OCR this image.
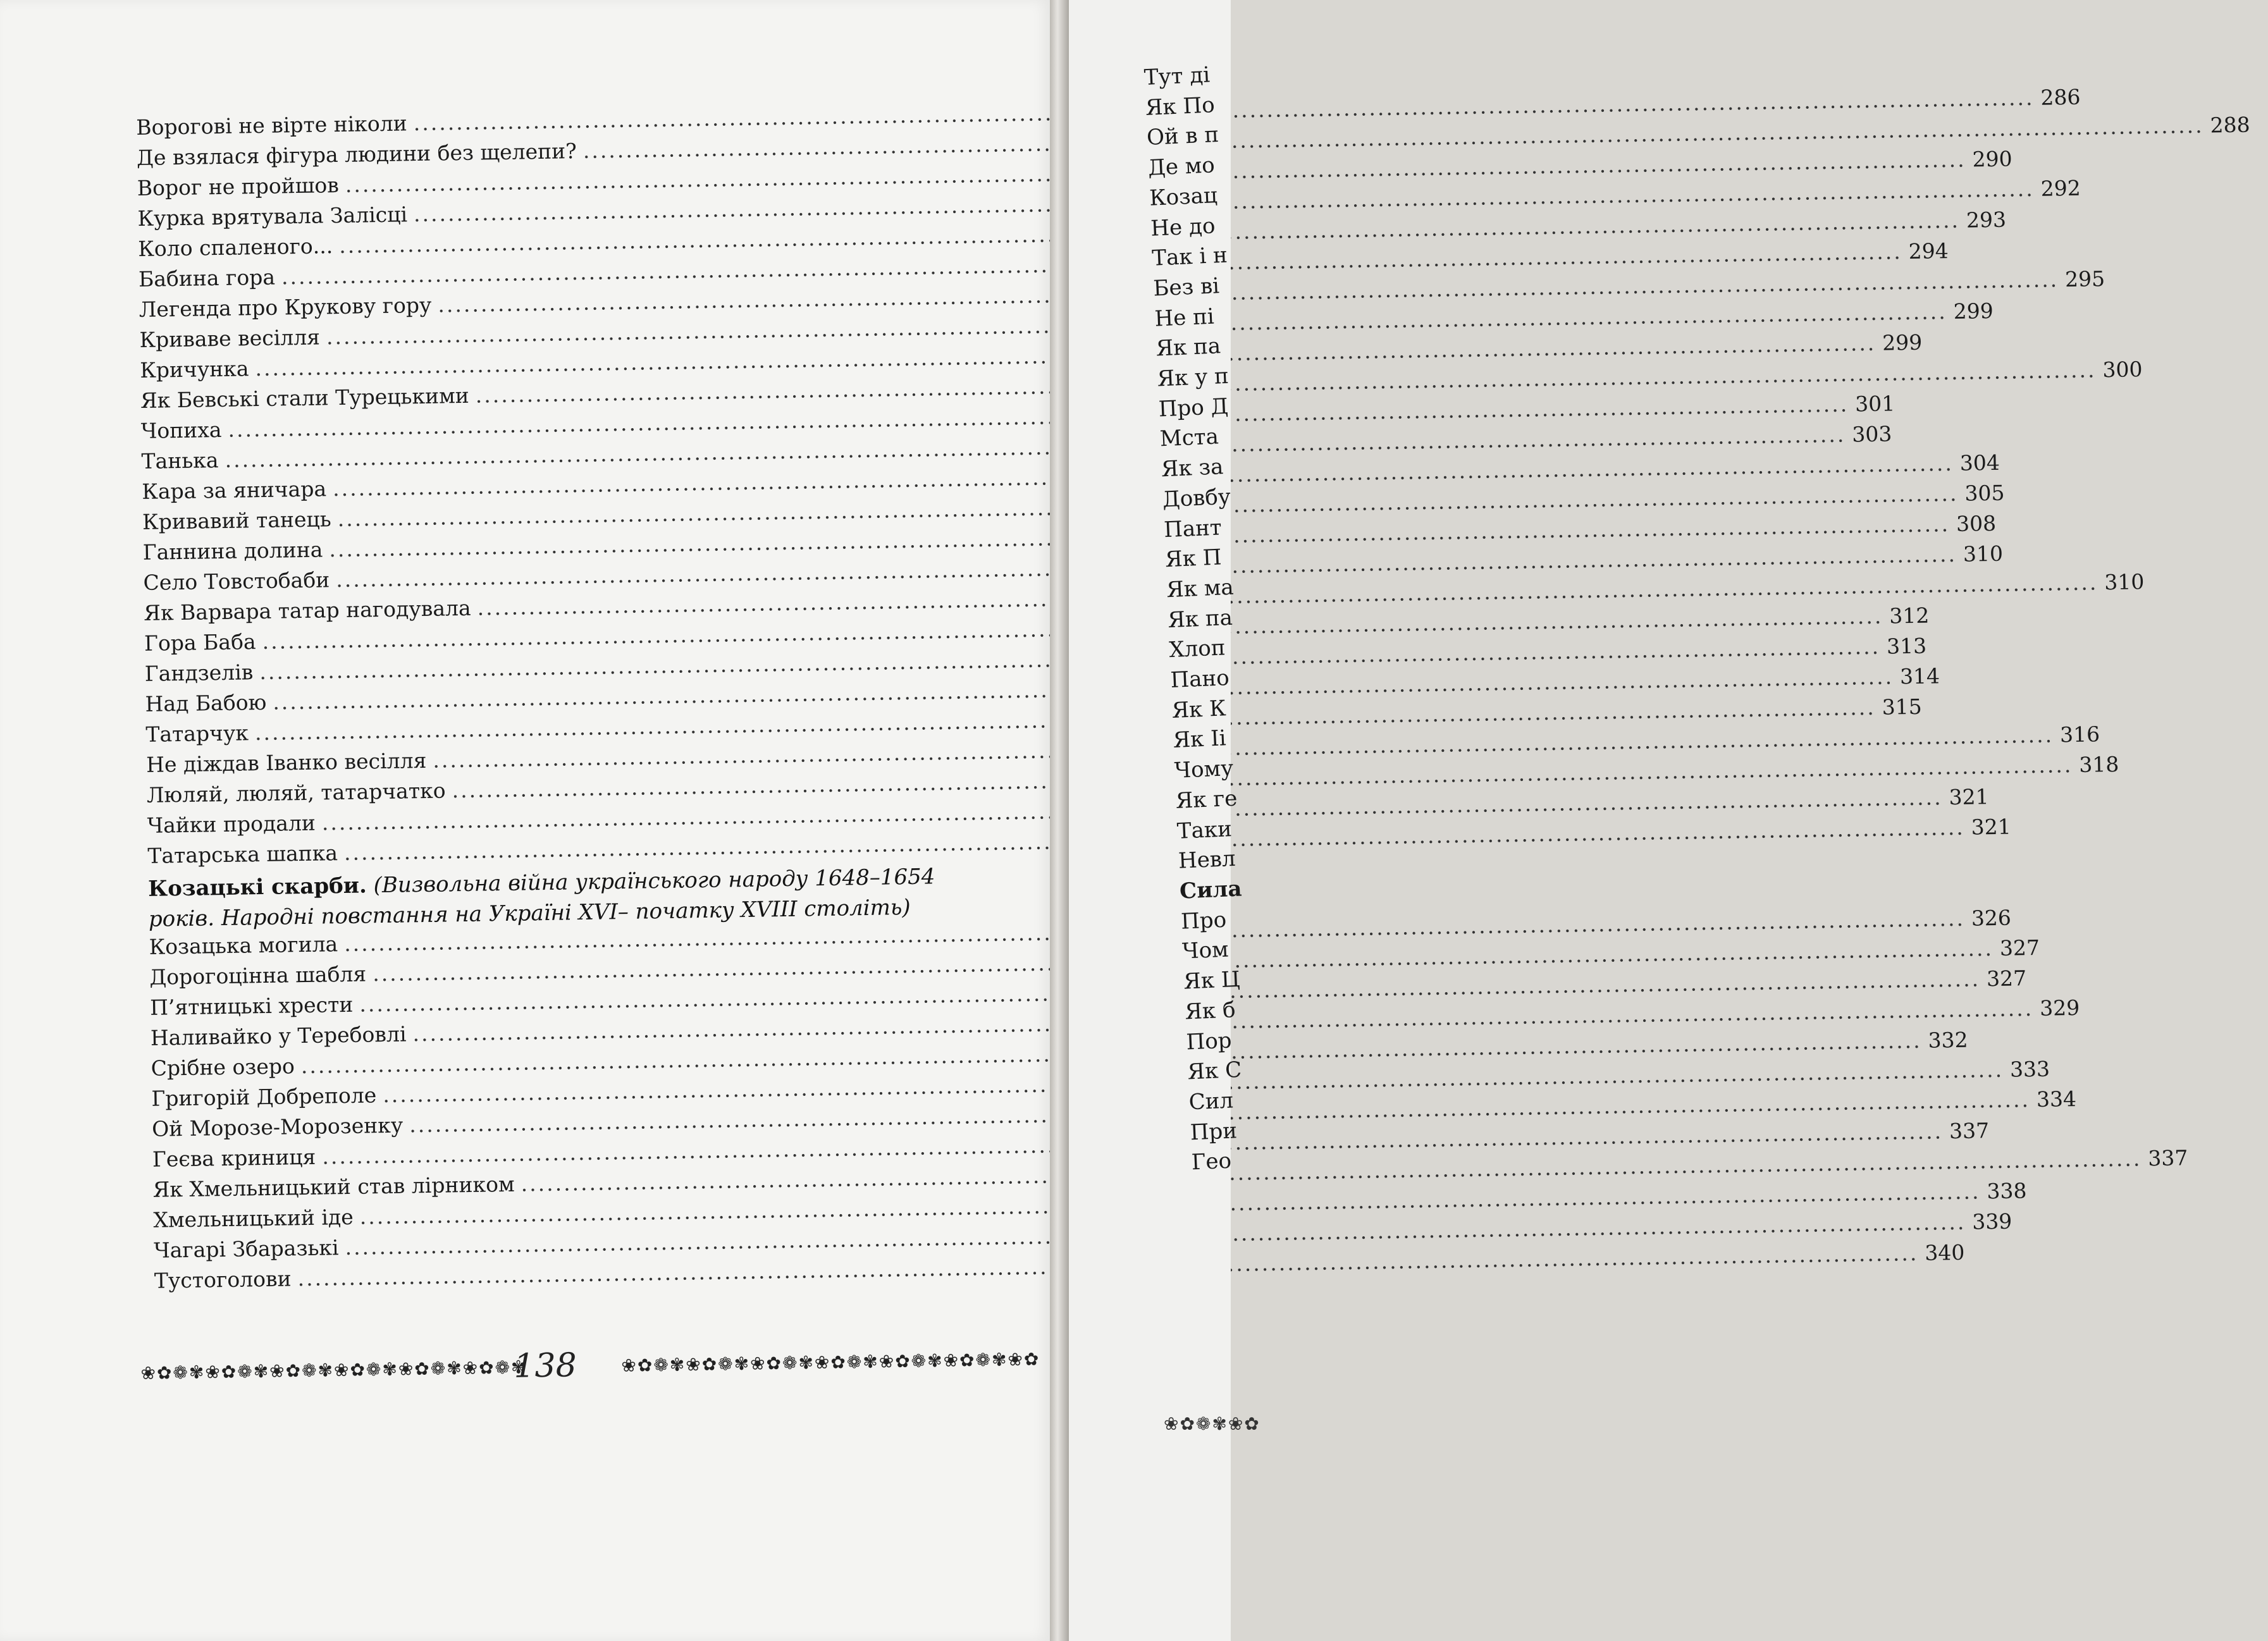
Ворогові не вірте ніколи
.....
286
Де взялася фігура людини без щелепи?
.....
288
Ворог не пройшов
.....
290
Курка врятувала Залісці
.....
292
Коло спаленого...
.....
293
Бабина гора
.....
294
Легенда про Крукову гору
.....
295
Криваве весілля
.....
299
Кричунка
.....
299
Як Бевські стали Турецькими
.....
300
Чопиха
.....
301
Танька
.....
303
Кара за яничара
.....
304
Кривавий танець
.....
305
Ганнина долина
.....
308
Село Товстобаби
.....
310
Як Варвара татар нагодувала
.....
310
Гора Баба
.....
312
Гандзелів
.....
313
Над Бабою
.....
314
Татарчук
.....
315
Не діждав Іванко весілля
.....
316
Люляй, люляй, татарчатко
.....
318
Чайки продали
.....
321
Татарська шапка
.....
321
Козацькі скарби. (Визвольна війна українського народу 1648–1654 років. Народні повстання на Україні XVI– початку XVIII століть)
Козацька могила
.....
326
Дорогоцінна шабля
.....
327
П’ятницькі хрести
.....
327
Наливайко у Теребовлі
.....
329
Срібне озеро
.....
332
Григорій Добреполе
.....
333
Ой Морозе-Морозенку
.....
334
Геєва криниця
.....
337
Як Хмельницький став лірником
.....
337
Хмельницький іде
.....
338
Чагарі Збаразькі
.....
339
Тустоголови
.....
340
❀✿❁✾❀✿❁✾❀✿❁✾❀✿❁✾❀✿❁✾❀✿❁✾
138	❀✿❁✾❀✿❁✾❀✿❁✾❀✿❁✾❀✿❁✾❀✿❁✾❀✿
Тут ді
Як По
Ой в п
Де мо
Козац
Не до
Так і н
Без ві
Не пі
Як па
Як у п
Про Д
Мста
Як за
Довбу
Пант
Як П
Як ма
Як па
Хлоп
Пано
Як К
Як Іі
Чому
Як ге
Таки
Невл
Сила
Про
Чом
Як Ц
Як б
Пор
Як С
Сил
При
Гео
❀✿❁✾❀✿
